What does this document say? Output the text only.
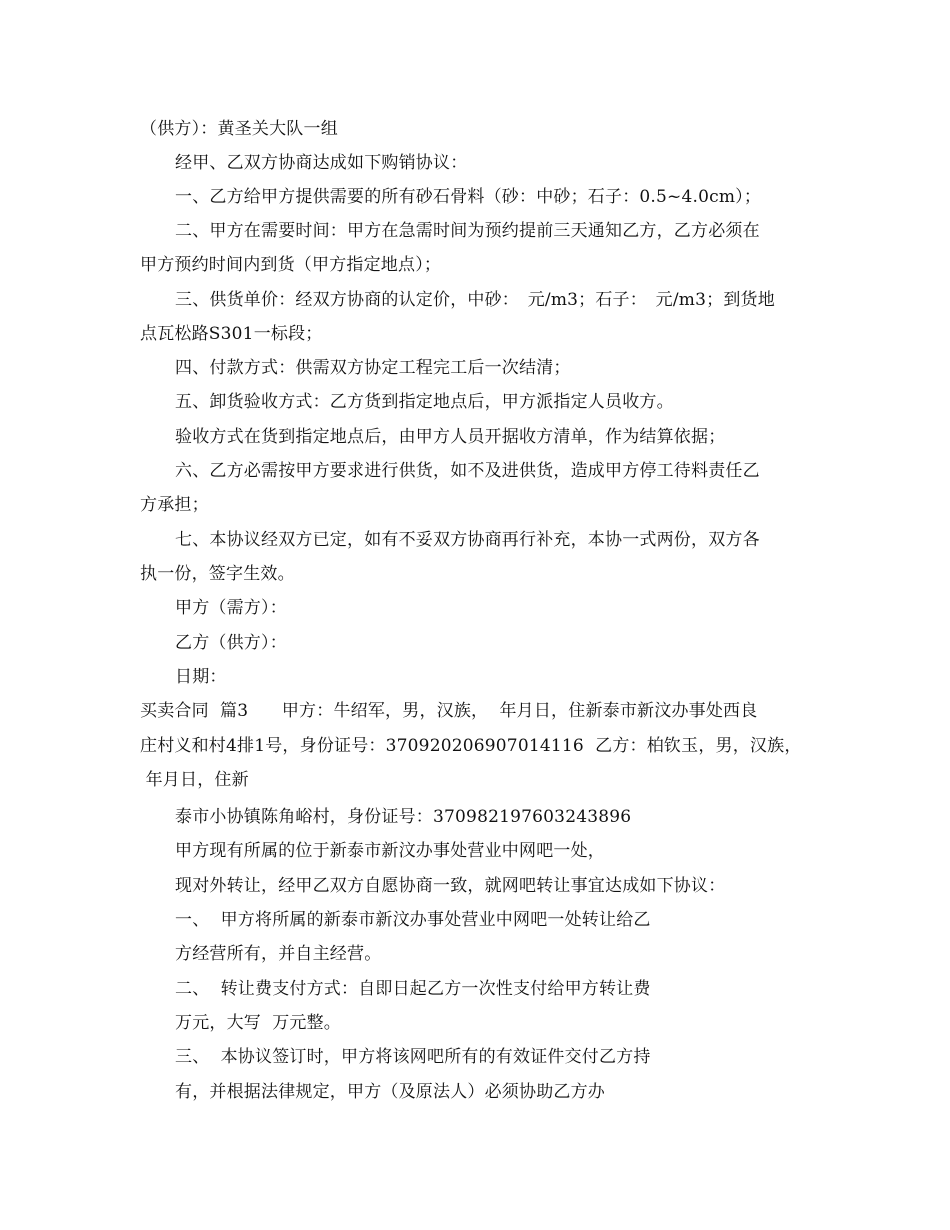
（供方）：黄圣关大队一组
经甲、乙双方协商达成如下购销协议：
一、乙方给甲方提供需要的所有砂石骨料（砂：中砂；石子：0.5~4.0cm）；
二、甲方在需要时间：甲方在急需时间为预约提前三天通知乙方，乙方必须在
甲方预约时间内到货（甲方指定地点）；
三、供货单价：经双方协商的认定价，中砂：　元/m3；石子：　元/m3；到货地
点瓦松路S301一标段；
四、付款方式：供需双方协定工程完工后一次结清；
五、卸货验收方式：乙方货到指定地点后，甲方派指定人员收方。
验收方式在货到指定地点后，由甲方人员开据收方清单，作为结算依据；
六、乙方必需按甲方要求进行供货，如不及进供货，造成甲方停工待料责任乙
方承担；
七、本协议经双方已定，如有不妥双方协商再行补充，本协一式两份，双方各
执一份，签字生效。
甲方（需方）：
乙方（供方）：
日期：
买卖合同  篇3      甲方：牛绍军，男，汉族，  年月日，住新泰市新汶办事处西良
庄村义和村4排1号，身份证号：370920206907014116  乙方：柏钦玉，男，汉族，
年月日，住新
泰市小协镇陈角峪村，身份证号：370982197603243896
甲方现有所属的位于新泰市新汶办事处营业中网吧一处，
现对外转让，经甲乙双方自愿协商一致，就网吧转让事宜达成如下协议：
一、  甲方将所属的新泰市新汶办事处营业中网吧一处转让给乙
方经营所有，并自主经营。
二、  转让费支付方式：自即日起乙方一次性支付给甲方转让费
万元，大写  万元整。
三、  本协议签订时，甲方将该网吧所有的有效证件交付乙方持
有，并根据法律规定，甲方（及原法人）必须协助乙方办
